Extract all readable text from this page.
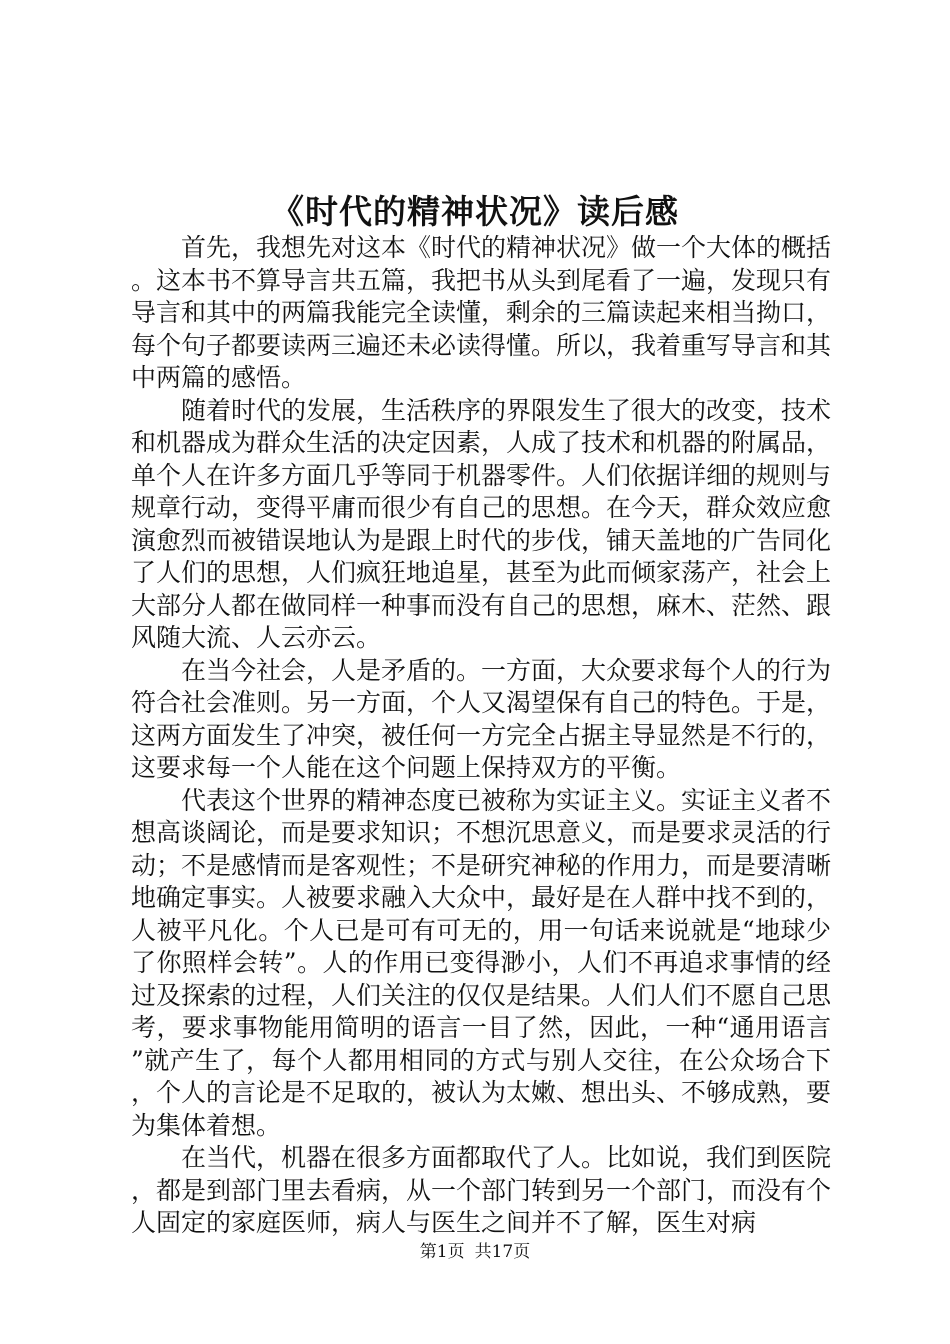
《时代的精神状况》读后感

首先，我想先对这本《时代的精神状况》做一个大体的概括。这本书不算导言共五篇，我把书从头到尾看了一遍，发现只有导言和其中的两篇我能完全读懂，剩余的三篇读起来相当拗口，每个句子都要读两三遍还未必读得懂。所以，我着重写导言和其中两篇的感悟。

随着时代的发展，生活秩序的界限发生了很大的改变，技术和机器成为群众生活的决定因素，人成了技术和机器的附属品，单个人在许多方面几乎等同于机器零件。人们依据详细的规则与规章行动，变得平庸而很少有自己的思想。在今天，群众效应愈演愈烈而被错误地认为是跟上时代的步伐，铺天盖地的广告同化了人们的思想，人们疯狂地追星，甚至为此而倾家荡产，社会上大部分人都在做同样一种事而没有自己的思想，麻木、茫然、跟风随大流、人云亦云。

在当今社会，人是矛盾的。一方面，大众要求每个人的行为符合社会准则。另一方面，个人又渴望保有自己的特色。于是，这两方面发生了冲突，被任何一方完全占据主导显然是不行的，这要求每一个人能在这个问题上保持双方的平衡。

代表这个世界的精神态度已被称为实证主义。实证主义者不想高谈阔论，而是要求知识；不想沉思意义，而是要求灵活的行动；不是感情而是客观性；不是研究神秘的作用力，而是要清晰地确定事实。人被要求融入大众中，最好是在人群中找不到的，人被平凡化。个人已是可有可无的，用一句话来说就是“地球少了你照样会转”。人的作用已变得渺小，人们不再追求事情的经过及探索的过程，人们关注的仅仅是结果。人们人们不愿自己思考，要求事物能用简明的语言一目了然，因此，一种“通用语言”就产生了，每个人都用相同的方式与别人交往，在公众场合下，个人的言论是不足取的，被认为太嫩、想出头、不够成熟，要为集体着想。

在当代，机器在很多方面都取代了人。比如说，我们到医院，都是到部门里去看病，从一个部门转到另一个部门，而没有个人固定的家庭医师，病人与医生之间并不了解，医生对病

第1页 共17页
